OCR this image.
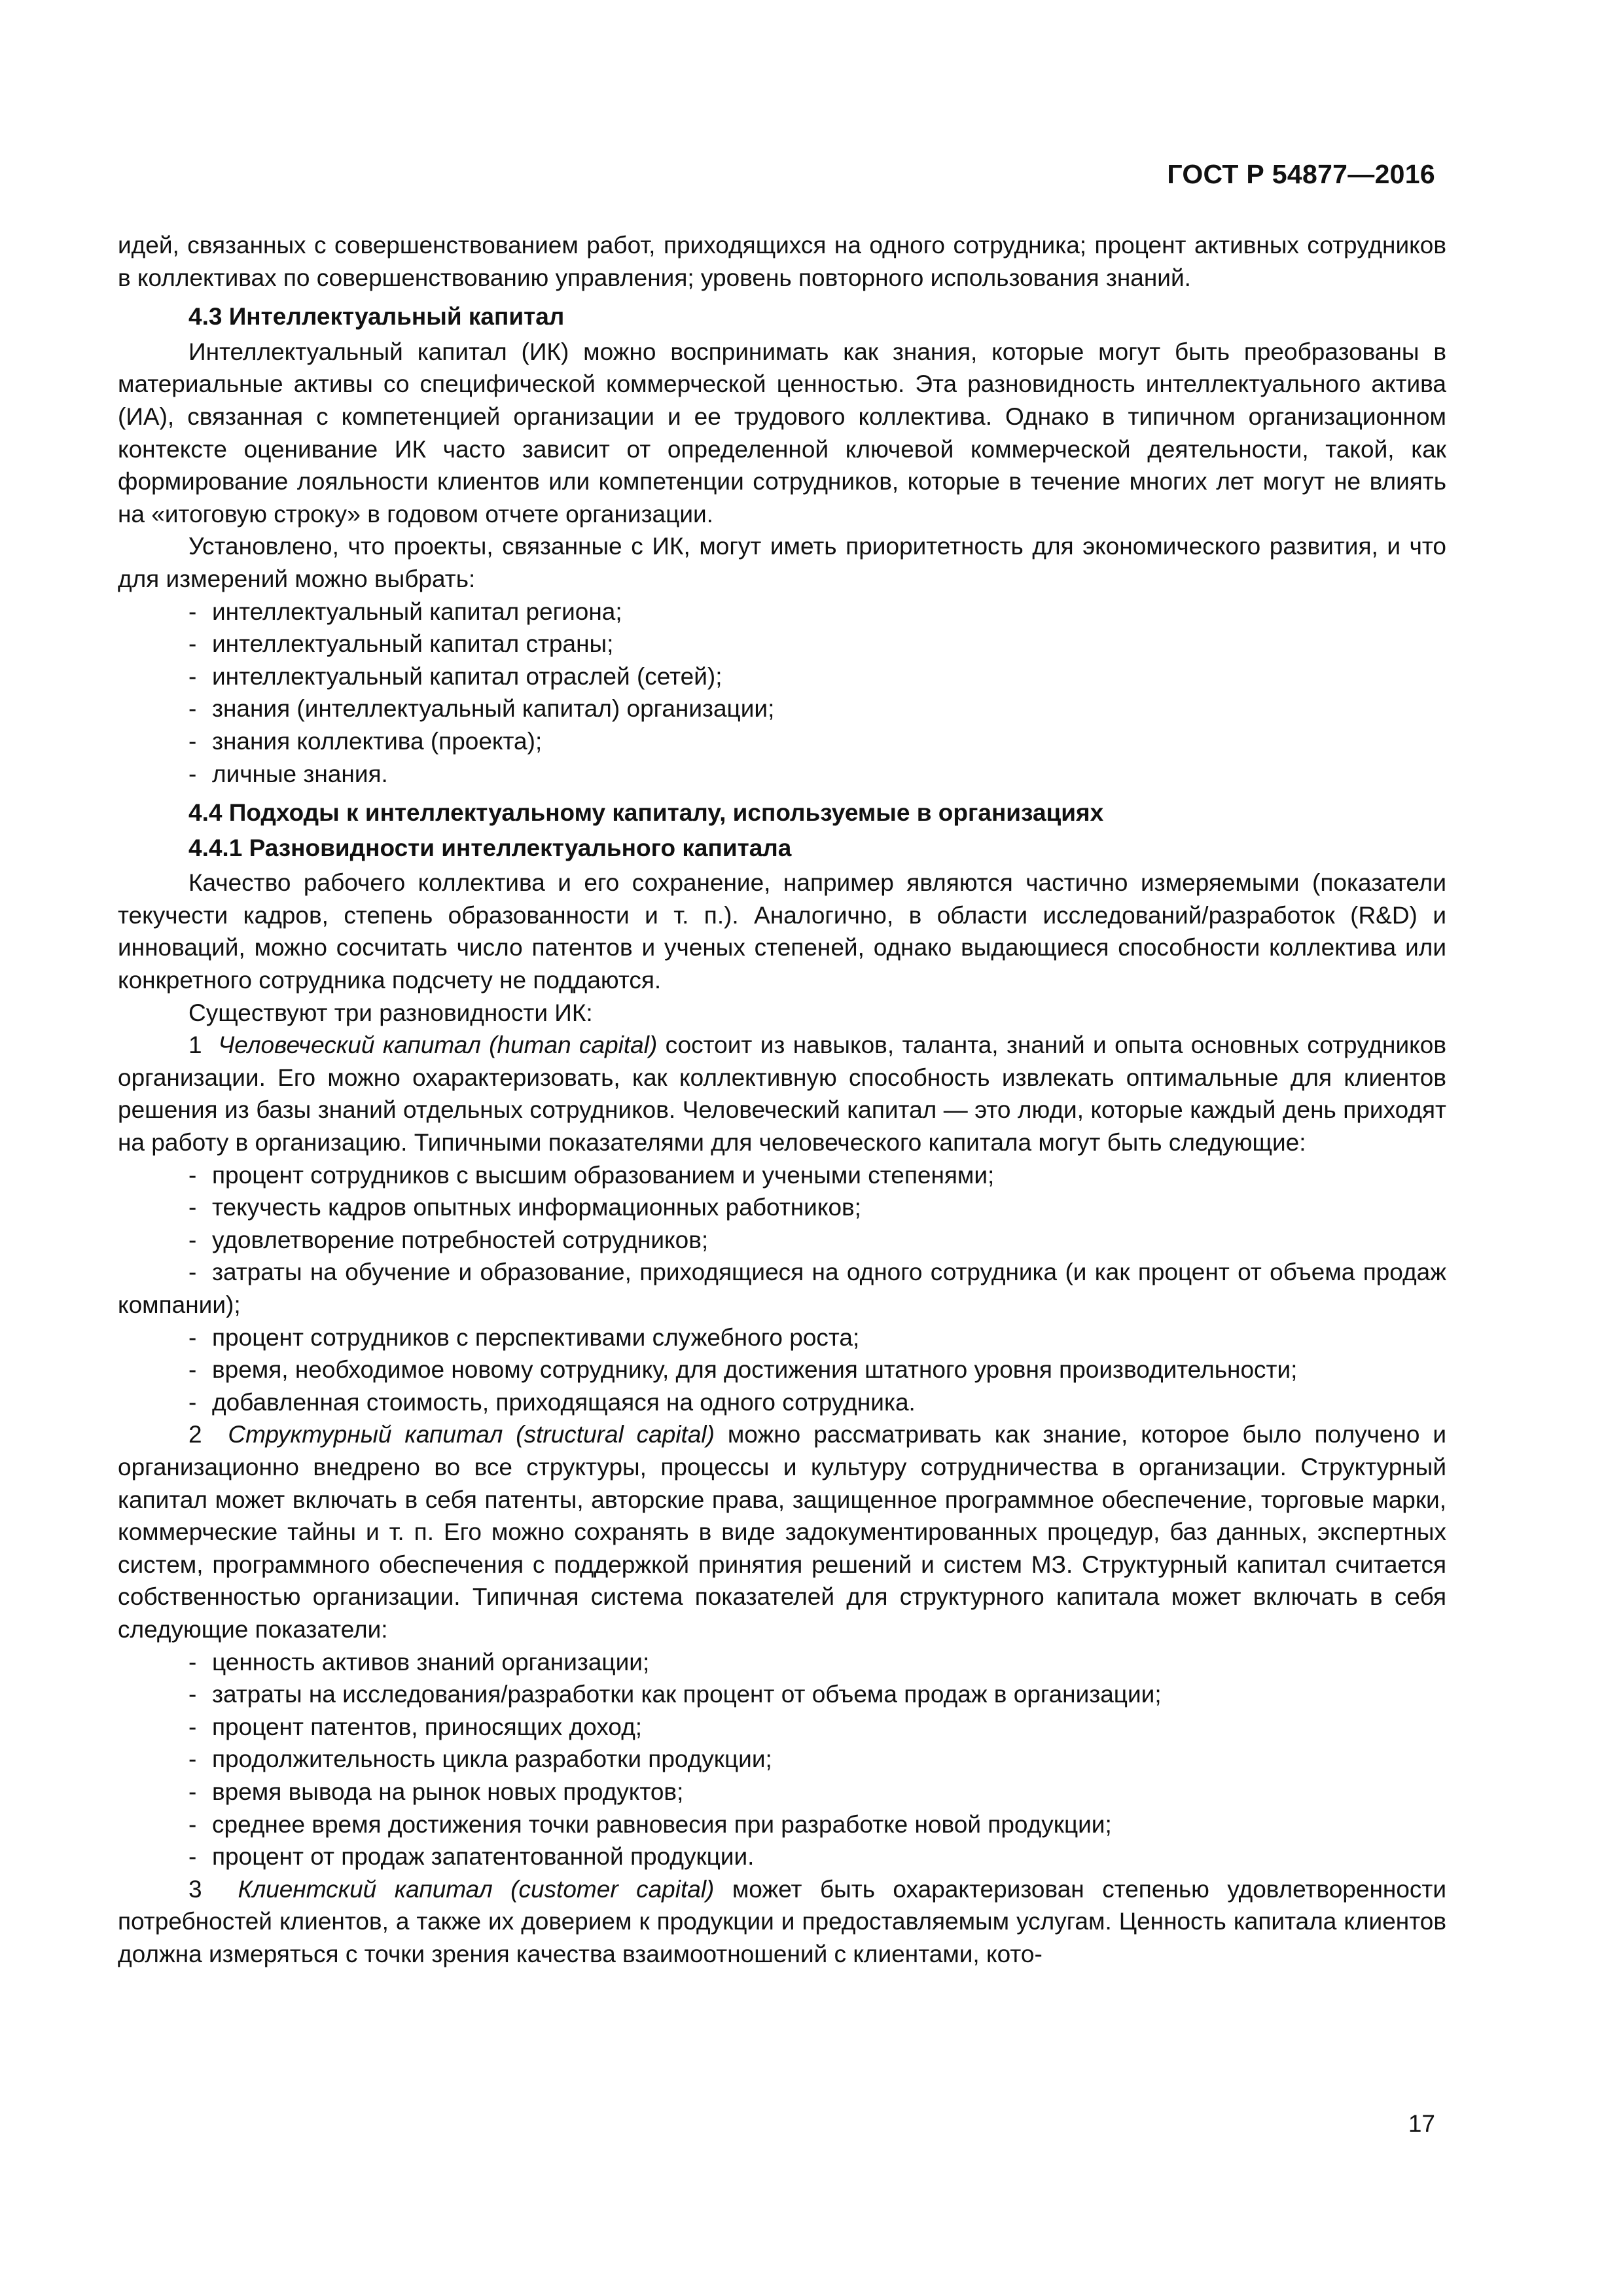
ГОСТ Р 54877—2016

идей, связанных с совершенствованием работ, приходящихся на одного сотрудника; процент активных сотрудников в коллективах по совершенствованию управления; уровень повторного использования знаний.

4.3 Интеллектуальный капитал

Интеллектуальный капитал (ИК) можно воспринимать как знания, которые могут быть преобразованы в материальные активы со специфической коммерческой ценностью. Эта разновидность интеллектуального актива (ИА), связанная с компетенцией организации и ее трудового коллектива. Однако в типичном организационном контексте оценивание ИК часто зависит от определенной ключевой коммерческой деятельности, такой, как формирование лояльности клиентов или компетенции сотрудников, которые в течение многих лет могут не влиять на «итоговую строку» в годовом отчете организации.

Установлено, что проекты, связанные с ИК, могут иметь приоритетность для экономического развития, и что для измерений можно выбрать:

- интеллектуальный капитал региона;

- интеллектуальный капитал страны;

- интеллектуальный капитал отраслей (сетей);

- знания (интеллектуальный капитал) организации;

- знания коллектива (проекта);

- личные знания.

4.4 Подходы к интеллектуальному капиталу, используемые в организациях
4.4.1 Разновидности интеллектуального капитала

Качество рабочего коллектива и его сохранение, например являются частично измеряемыми (показатели текучести кадров, степень образованности и т. п.). Аналогично, в области исследований/разработок (R&D) и инноваций, можно сосчитать число патентов и ученых степеней, однако выдающиеся способности коллектива или конкретного сотрудника подсчету не поддаются.

Существуют три разновидности ИК:

1 Человеческий капитал (human capital) состоит из навыков, таланта, знаний и опыта основных сотрудников организации. Его можно охарактеризовать, как коллективную способность извлекать оптимальные для клиентов решения из базы знаний отдельных сотрудников. Человеческий капитал — это люди, которые каждый день приходят на работу в организацию. Типичными показателями для человеческого капитала могут быть следующие:

- процент сотрудников с высшим образованием и учеными степенями;

- текучесть кадров опытных информационных работников;

- удовлетворение потребностей сотрудников;

- затраты на обучение и образование, приходящиеся на одного сотрудника (и как процент от объема продаж компании);

- процент сотрудников с перспективами служебного роста;

- время, необходимое новому сотруднику, для достижения штатного уровня производительности;

- добавленная стоимость, приходящаяся на одного сотрудника.

2 Структурный капитал (structural capital) можно рассматривать как знание, которое было получено и организационно внедрено во все структуры, процессы и культуру сотрудничества в организации. Структурный капитал может включать в себя патенты, авторские права, защищенное программное обеспечение, торговые марки, коммерческие тайны и т. п. Его можно сохранять в виде задокументированных процедур, баз данных, экспертных систем, программного обеспечения с поддержкой принятия решений и систем МЗ. Структурный капитал считается собственностью организации. Типичная система показателей для структурного капитала может включать в себя следующие показатели:

- ценность активов знаний организации;

- затраты на исследования/разработки как процент от объема продаж в организации;

- процент патентов, приносящих доход;

- продолжительность цикла разработки продукции;

- время вывода на рынок новых продуктов;

- среднее время достижения точки равновесия при разработке новой продукции;

- процент от продаж запатентованной продукции.

3 Клиентский капитал (customer capital) может быть охарактеризован степенью удовлетворенности потребностей клиентов, а также их доверием к продукции и предоставляемым услугам. Ценность капитала клиентов должна измеряться с точки зрения качества взаимоотношений с клиентами, кото-

17
